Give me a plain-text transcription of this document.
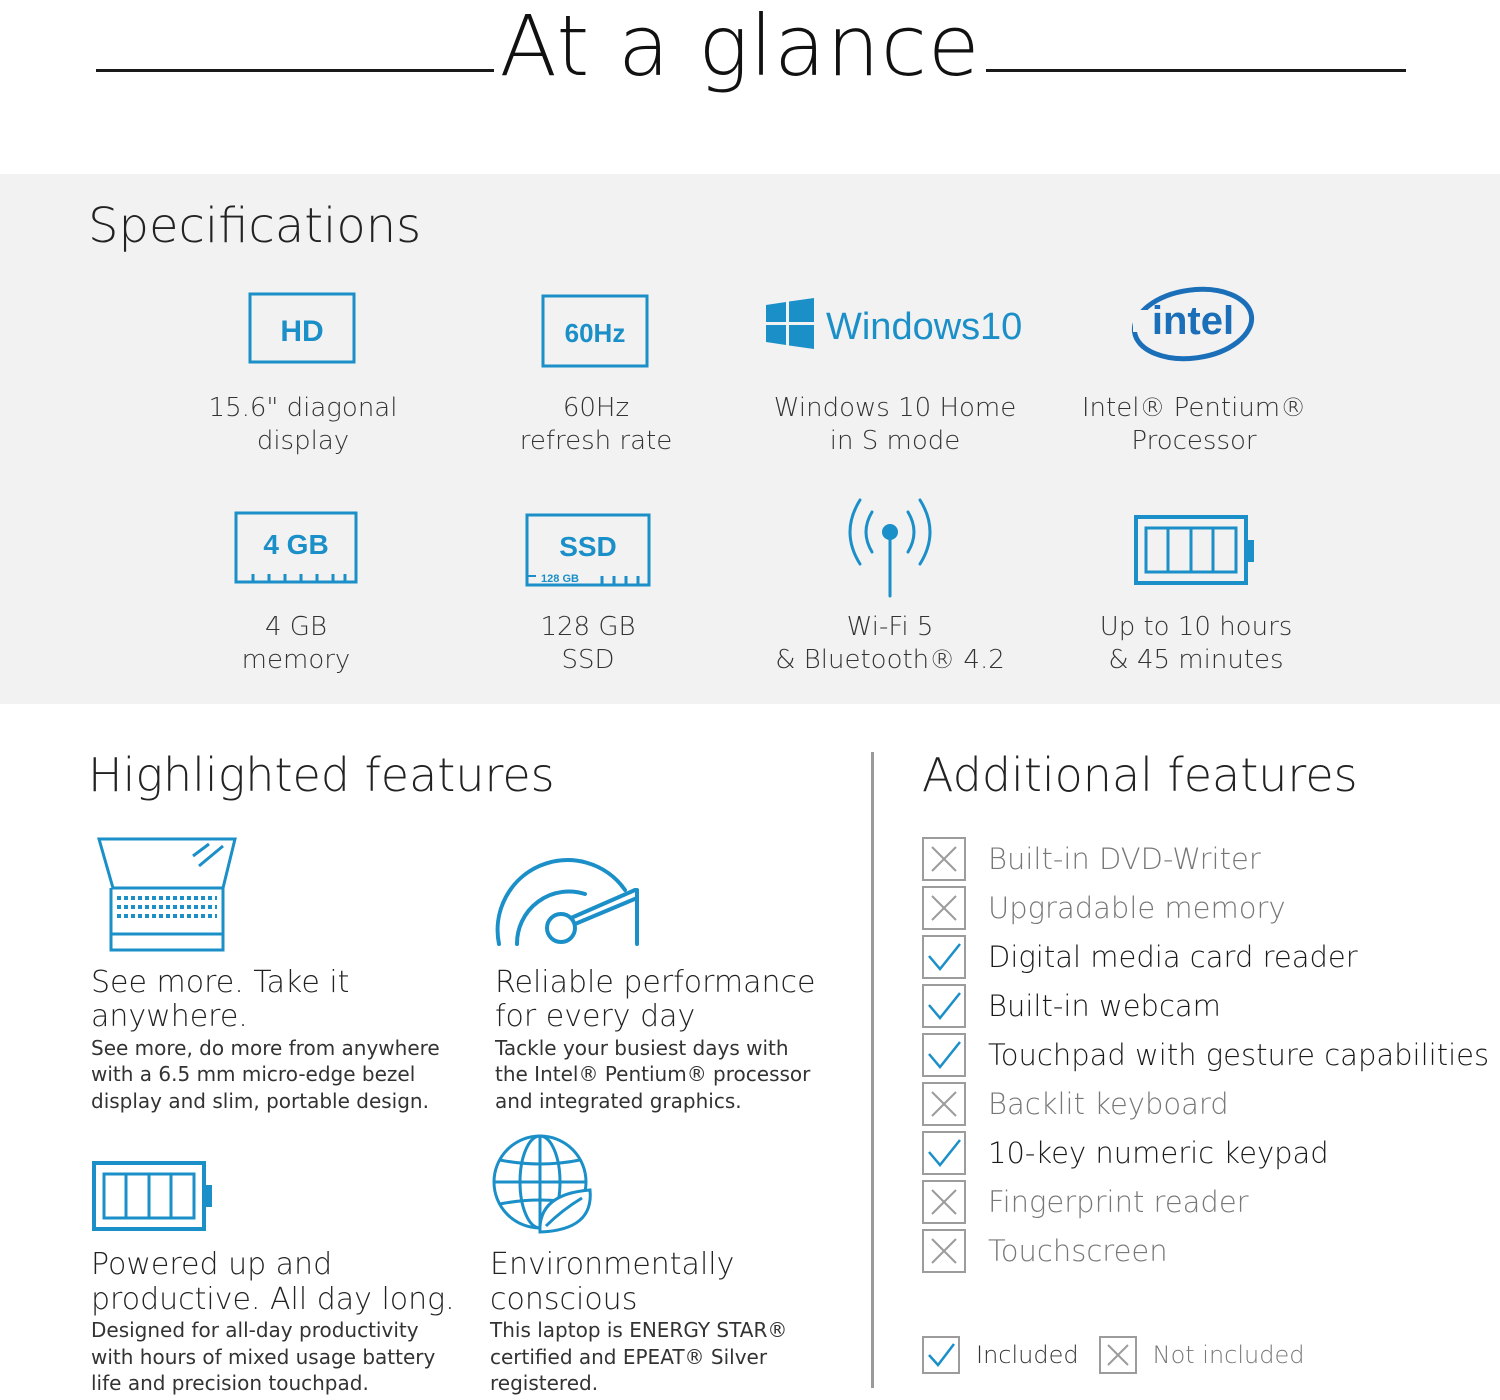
At a glance
Specifications
HD
15.6" diagonal
display
60Hz
60Hz
refresh rate
Windows 10
Windows 10 Home
in S mode
intel
Intel® Pentium®
Processor
4 GB
4 GB
memory
SSD
128 GB
128 GB
SSD
Wi-Fi 5
& Bluetooth® 4.2
Up to 10 hours
& 45 minutes
Highlighted features
See more. Take it
anywhere.
See more, do more from anywhere
with a 6.5 mm micro-edge bezel
display and slim, portable design.
Reliable performance
for every day
Tackle your busiest days with
the Intel® Pentium® processor
and integrated graphics.
Powered up and
productive. All day long.
Designed for all-day productivity
with hours of mixed usage battery
life and precision touchpad.
Environmentally
conscious
This laptop is ENERGY STAR®
certified and EPEAT® Silver
registered.
Additional features
Built-in DVD-Writer
Upgradable memory
Digital media card reader
Built-in webcam
Touchpad with gesture capabilities
Backlit keyboard
10-key numeric keypad
Fingerprint reader
Touchscreen
Included	Not included
